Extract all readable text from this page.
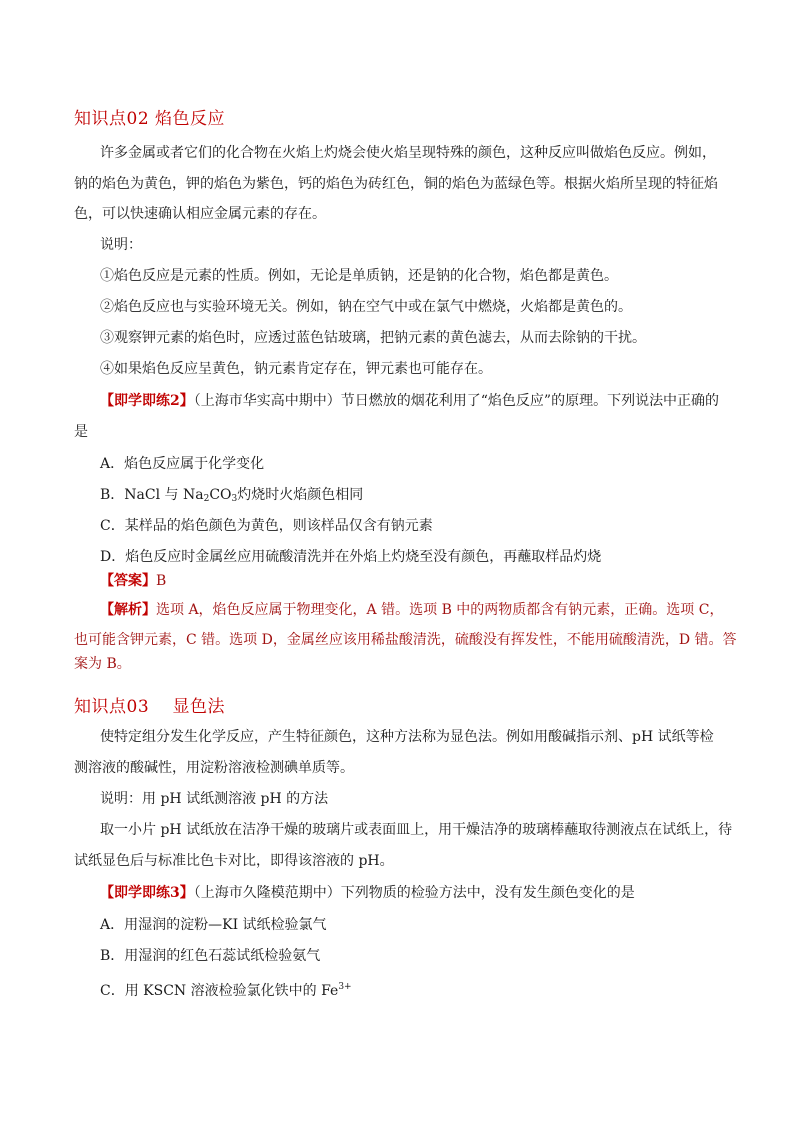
知识点02 焰色反应
许多金属或者它们的化合物在火焰上灼烧会使火焰呈现特殊的颜色，这种反应叫做焰色反应。例如，
钠的焰色为黄色，钾的焰色为紫色，钙的焰色为砖红色，铜的焰色为蓝绿色等。根据火焰所呈现的特征焰
色，可以快速确认相应金属元素的存在。
说明：
①焰色反应是元素的性质。例如，无论是单质钠，还是钠的化合物，焰色都是黄色。
②焰色反应也与实验环境无关。例如，钠在空气中或在氯气中燃烧，火焰都是黄色的。
③观察钾元素的焰色时，应透过蓝色钴玻璃，把钠元素的黄色滤去，从而去除钠的干扰。
④如果焰色反应呈黄色，钠元素肯定存在，钾元素也可能存在。
【即学即练2】（上海市华实高中期中）节日燃放的烟花利用了“焰色反应”的原理。下列说法中正确的
是
A．焰色反应属于化学变化
B．NaCl 与 $Na_2CO_3$灼烧时火焰颜色相同
C．某样品的焰色颜色为黄色，则该样品仅含有钠元素
D．焰色反应时金属丝应用硫酸清洗并在外焰上灼烧至没有颜色，再蘸取样品灼烧
【答案】B
【解析】选项 A，焰色反应属于物理变化，A 错。选项 B 中的两物质都含有钠元素，正确。选项 C，
也可能含钾元素，C 错。选项 D，金属丝应该用稀盐酸清洗，硫酸没有挥发性，不能用硫酸清洗，D 错。答
案为 B。
知识点03　 显色法
使特定组分发生化学反应，产生特征颜色，这种方法称为显色法。例如用酸碱指示剂、pH 试纸等检
测溶液的酸碱性，用淀粉溶液检测碘单质等。
说明：用 pH 试纸测溶液 pH 的方法
取一小片 pH 试纸放在洁净干燥的玻璃片或表面皿上，用干燥洁净的玻璃棒蘸取待测液点在试纸上，待
试纸显色后与标准比色卡对比，即得该溶液的 pH。
【即学即练3】（上海市久隆模范期中）下列物质的检验方法中，没有发生颜色变化的是
A．用湿润的淀粉—KI 试纸检验氯气
B．用湿润的红色石蕊试纸检验氨气
C．用 KSCN 溶液检验氯化铁中的 $Fe^{3+}$
